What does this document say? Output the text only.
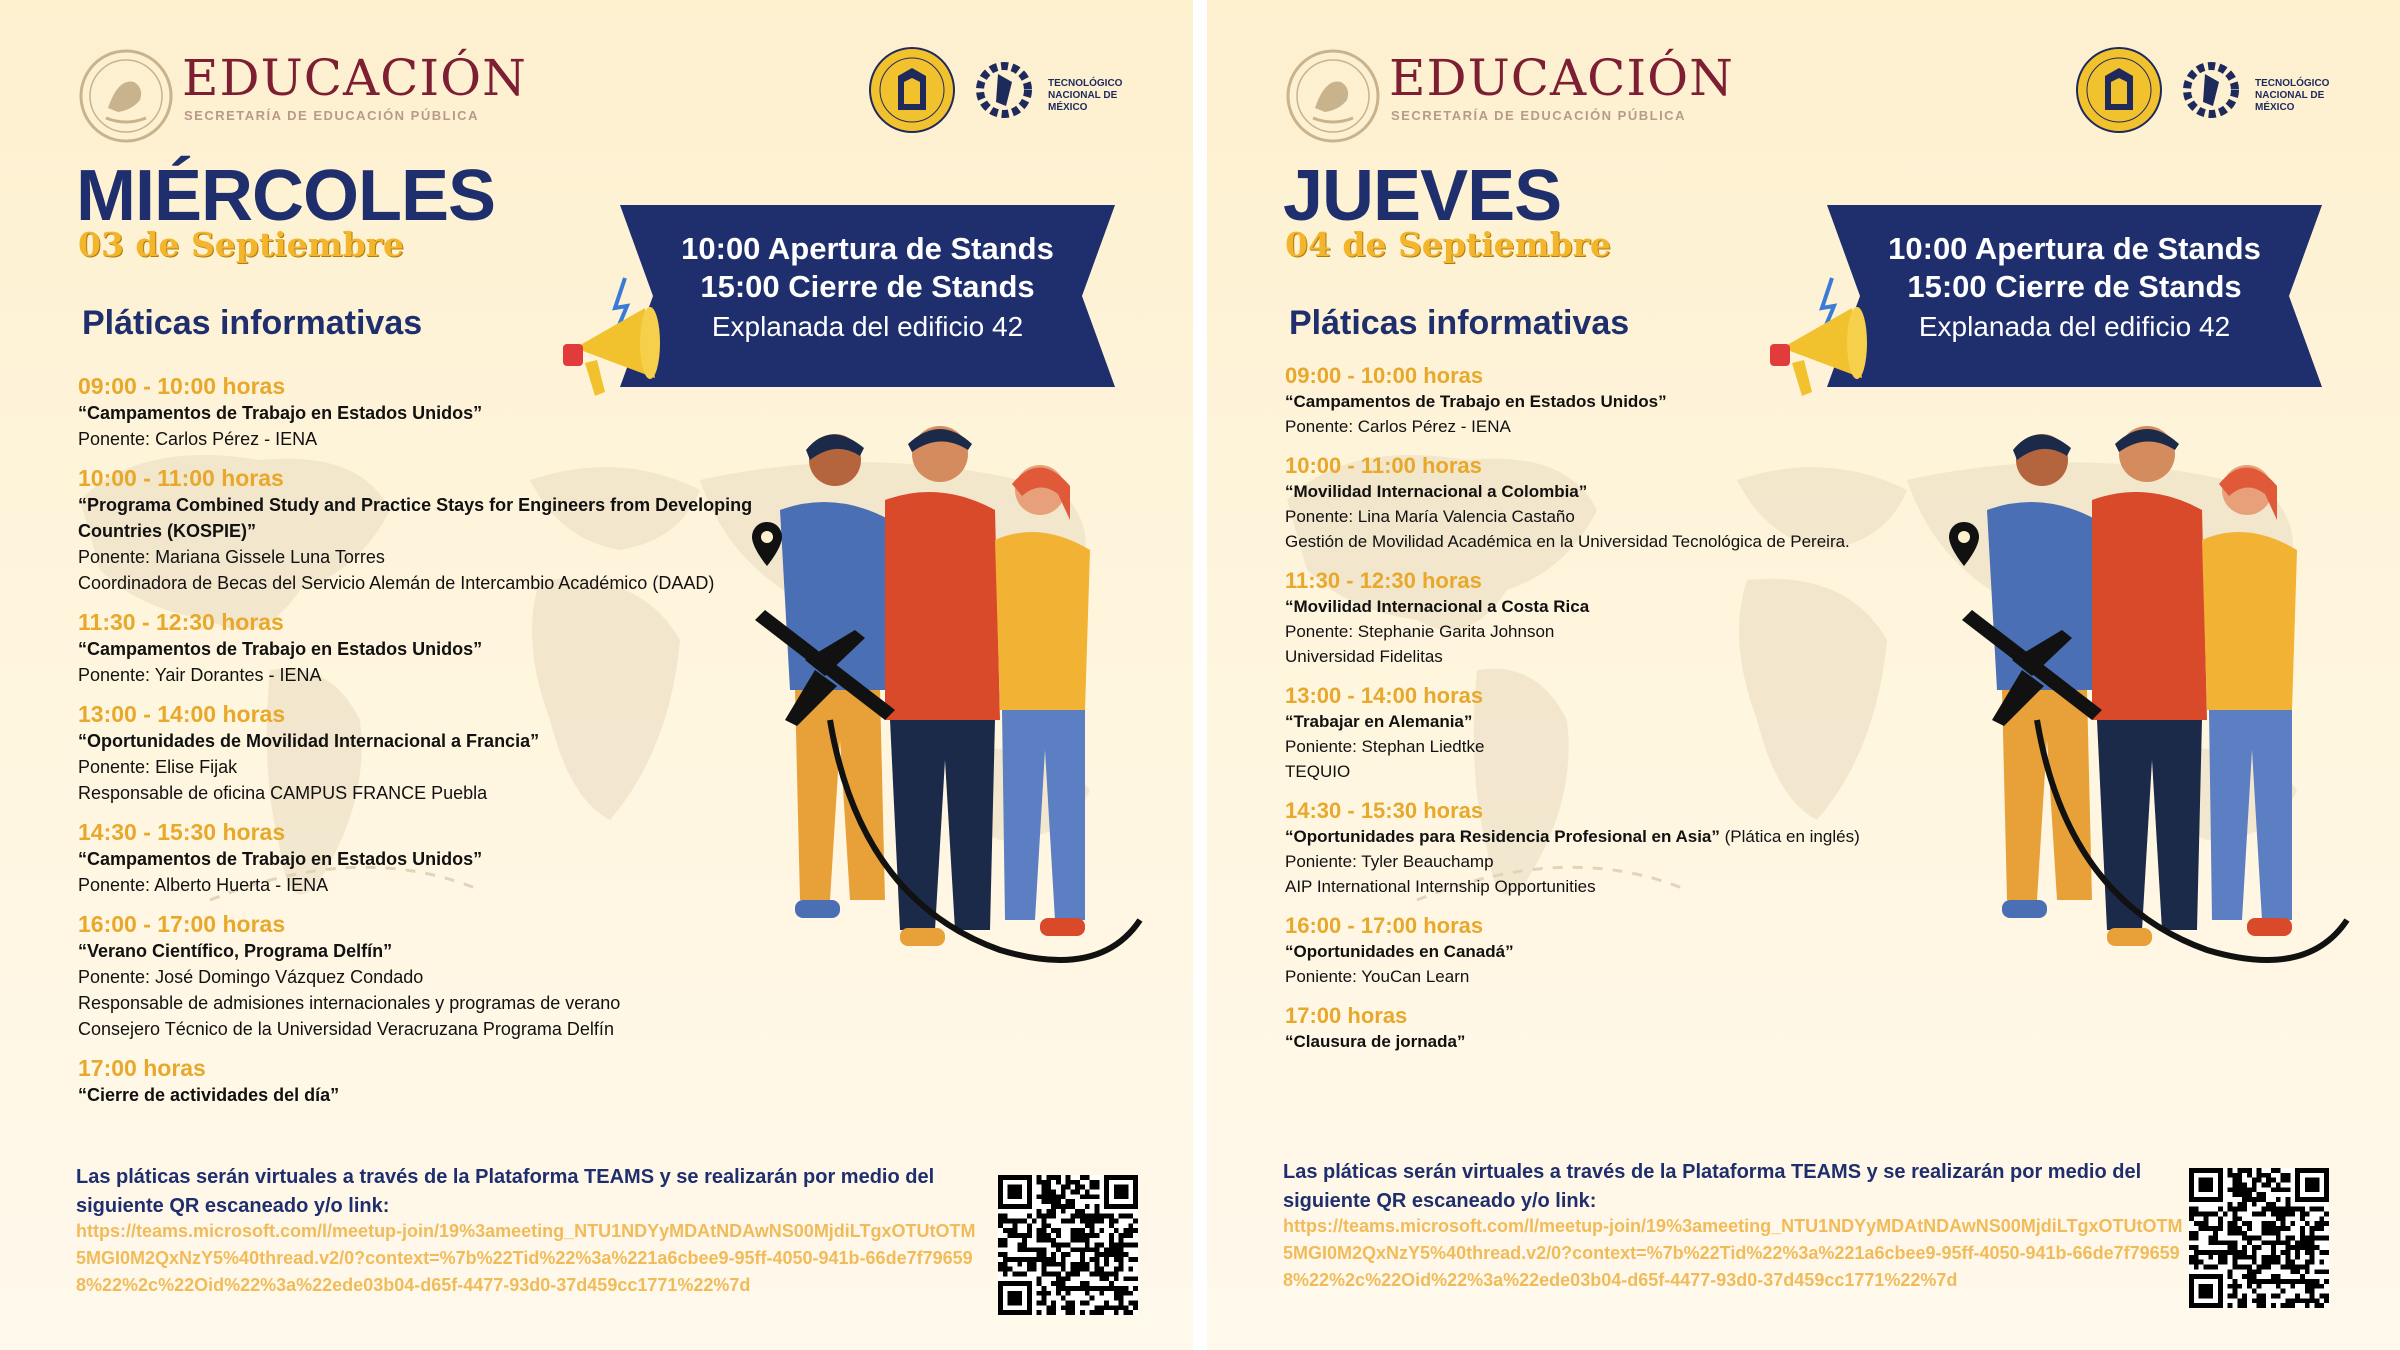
EDUCACIÓN
SECRETARÍA DE EDUCACIÓN PÚBLICA
TECNOLÓGICO
NACIONAL DE MÉXICO
MIÉRCOLES
03 de Septiembre
Pláticas informativas
10:00 Apertura de Stands
15:00 Cierre de Stands
Explanada del edificio 42
09:00 - 10:00 horas
“Campamentos de Trabajo en Estados Unidos”
Ponente: Carlos Pérez - IENA
10:00 - 11:00 horas
“Programa Combined Study and Practice Stays for Engineers from Developing Countries (KOSPIE)”
Ponente: Mariana Gissele Luna Torres
Coordinadora de Becas del Servicio Alemán de Intercambio Académico (DAAD)
11:30 - 12:30 horas
“Campamentos de Trabajo en Estados Unidos”
Ponente: Yair Dorantes - IENA
13:00 - 14:00 horas
“Oportunidades de Movilidad Internacional a Francia”
Ponente: Elise Fijak
Responsable de oficina CAMPUS FRANCE Puebla
14:30 - 15:30 horas
“Campamentos de Trabajo en Estados Unidos”
Ponente: Alberto Huerta - IENA
16:00 - 17:00 horas
“Verano Científico, Programa Delfín”
Ponente: José Domingo Vázquez Condado
Responsable de admisiones internacionales y programas de verano
Consejero Técnico de la Universidad Veracruzana Programa Delfín
17:00 horas
“Cierre de actividades del día”
Las pláticas serán virtuales a través de la Plataforma TEAMS y se realizarán por medio del siguiente QR escaneado y/o link:
https://teams.microsoft.com/l/meetup-join/19%3ameeting_NTU1NDYyMDAtNDAwNS00MjdiLTgxOTUtOTM5MGI0M2QxNzY5%40thread.v2/0?context=%7b%22Tid%22%3a%221a6cbee9-95ff-4050-941b-66de7f796598%22%2c%22Oid%22%3a%22ede03b04-d65f-4477-93d0-37d459cc1771%22%7d
EDUCACIÓN
SECRETARÍA DE EDUCACIÓN PÚBLICA
TECNOLÓGICO
NACIONAL DE MÉXICO
JUEVES
04 de Septiembre
Pláticas informativas
10:00 Apertura de Stands
15:00 Cierre de Stands
Explanada del edificio 42
09:00 - 10:00 horas
“Campamentos de Trabajo en Estados Unidos”
Ponente: Carlos Pérez - IENA
10:00 - 11:00 horas
“Movilidad Internacional a Colombia”
Ponente: Lina María Valencia Castaño
Gestión de Movilidad Académica en la Universidad Tecnológica de Pereira.
11:30 - 12:30 horas
“Movilidad Internacional a Costa Rica
Ponente: Stephanie Garita Johnson
Universidad Fidelitas
13:00 - 14:00 horas
“Trabajar en Alemania”
Poniente: Stephan Liedtke
TEQUIO
14:30 - 15:30 horas
“Oportunidades para Residencia Profesional en Asia” (Plática en inglés)
Poniente: Tyler Beauchamp
AIP International Internship Opportunities
16:00 - 17:00 horas
“Oportunidades en Canadá”
Poniente: YouCan Learn
17:00 horas
“Clausura de jornada”
Las pláticas serán virtuales a través de la Plataforma TEAMS y se realizarán por medio del siguiente QR escaneado y/o link:
https://teams.microsoft.com/l/meetup-join/19%3ameeting_NTU1NDYyMDAtNDAwNS00MjdiLTgxOTUtOTM5MGI0M2QxNzY5%40thread.v2/0?context=%7b%22Tid%22%3a%221a6cbee9-95ff-4050-941b-66de7f796598%22%2c%22Oid%22%3a%22ede03b04-d65f-4477-93d0-37d459cc1771%22%7d
